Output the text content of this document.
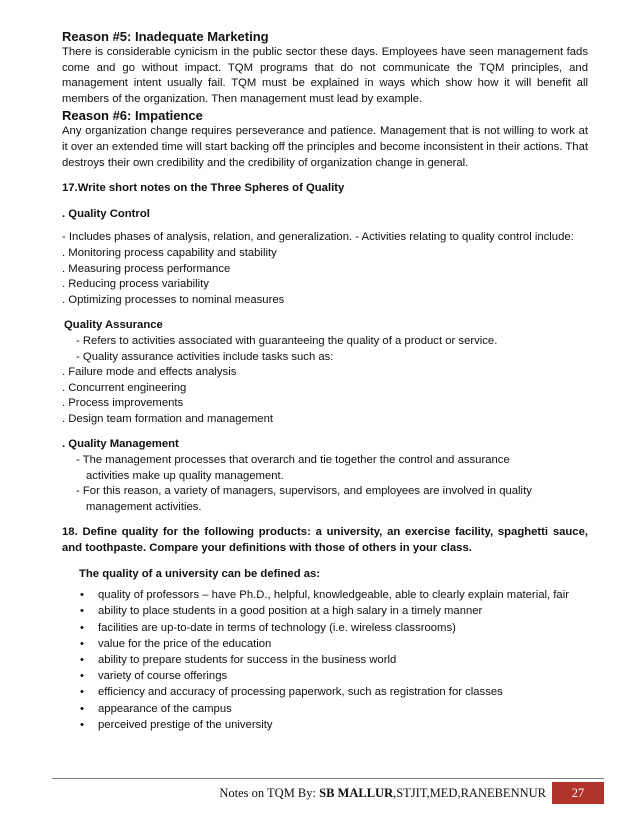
Reason #5: Inadequate Marketing

There is considerable cynicism in the public sector these days. Employees have seen management fads come and go without impact. TQM programs that do not communicate the TQM principles, and management intent usually fail. TQM must be explained in ways which show how it will benefit all members of the organization. Then management must lead by example.

Reason #6: Impatience

Any organization change requires perseverance and patience. Management that is not willing to work at it over an extended time will start backing off the principles and become inconsistent in their actions. That destroys their own credibility and the credibility of organization change in general.

17.Write short notes on the Three Spheres of Quality

. Quality Control

- Includes phases of analysis, relation, and generalization. - Activities relating to quality control include:

. Monitoring process capability and stability

. Measuring process performance

. Reducing process variability

. Optimizing processes to nominal measures

Quality Assurance

- Refers to activities associated with guaranteeing the quality of a product or service.

- Quality assurance activities include tasks such as:

. Failure mode and effects analysis

. Concurrent engineering

. Process improvements

. Design team formation and management

. Quality Management

- The management processes that overarch and tie together the control and assurance

activities make up quality management.

- For this reason, a variety of managers, supervisors, and employees are involved in quality

management activities.

18. Define quality for the following products: a university, an exercise facility, spaghetti sauce, and toothpaste. Compare your definitions with those of others in your class.

The quality of a university can be defined as:

• quality of professors – have Ph.D., helpful, knowledgeable, able to clearly explain material, fair
• ability to place students in a good position at a high salary in a timely manner
• facilities are up-to-date in terms of technology (i.e. wireless classrooms)
• value for the price of the education
• ability to prepare students for success in the business world
• variety of course offerings
• efficiency and accuracy of processing paperwork, such as registration for classes
• appearance of the campus
• perceived prestige of the university
Notes on TQM By: SB MALLUR,STJIT,MED,RANEBENNUR	27
